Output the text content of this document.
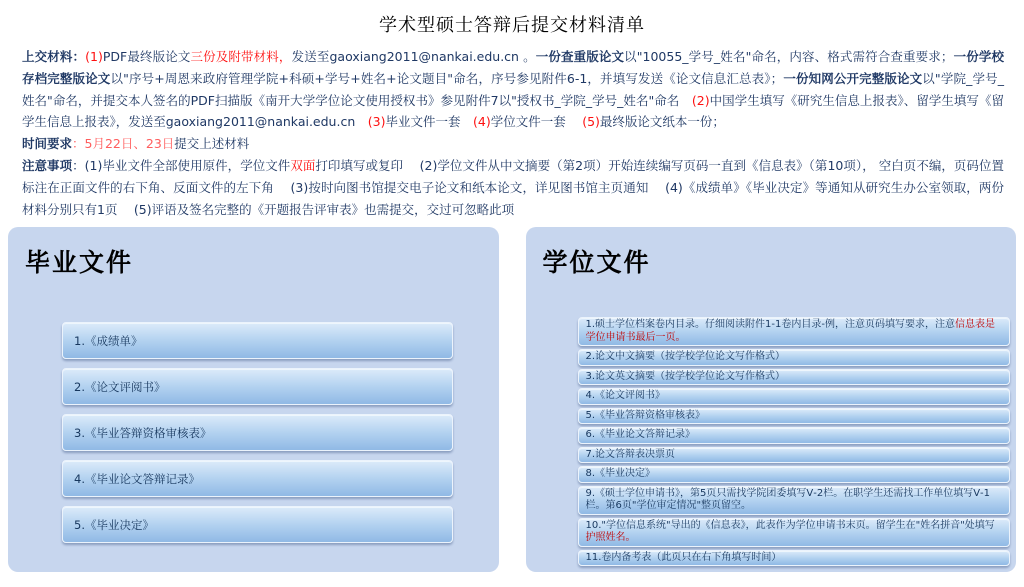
学术型硕士答辩后提交材料清单

上交材料：(1)PDF最终版论文三份及附带材料，发送至gaoxiang2011@nankai.edu.cn 。一份查重版论文以"10055_学号_姓名"命名，内容、格式需符合查重要求；一份学校存档完整版论文以"序号+周恩来政府管理学院+科硕+学号+姓名+论文题目"命名，序号参见附件6-1，并填写发送《论文信息汇总表》；一份知网公开完整版论文以"学院_学号_姓名"命名，并提交本人签名的PDF扫描版《南开大学学位论文使用授权书》参见附件7以"授权书_学院_学号_姓名"命名　(2)中国学生填写《研究生信息上报表》、留学生填写《留学生信息上报表》，发送至gaoxiang2011@nankai.edu.cn　(3)毕业文件一套　(4)学位文件一套　 (5)最终版论文纸本一份；

时间要求：5月22日、23日提交上述材料

注意事项：(1)毕业文件全部使用原件，学位文件双面打印填写或复印　 (2)学位文件从中文摘要（第2项）开始连续编写页码一直到《信息表》（第10项）， 空白页不编，页码位置标注在正面文件的右下角、反面文件的左下角　 (3)按时向图书馆提交电子论文和纸本论文，详见图书馆主页通知　 (4)《成绩单》《毕业决定》等通知从研究生办公室领取，两份材料分别只有1页　 (5)评语及签名完整的《开题报告评审表》也需提交，交过可忽略此项

毕业文件
1.《成绩单》
2.《论文评阅书》
3.《毕业答辩资格审核表》
4.《毕业论文答辩记录》
5.《毕业决定》
学位文件
1.硕士学位档案卷内目录。仔细阅读附件1-1卷内目录-例，注意页码填写要求，注意信息表是学位申请书最后一页。
2.论文中文摘要（按学校学位论文写作格式）
3.论文英文摘要（按学校学位论文写作格式）
4.《论文评阅书》
5.《毕业答辩资格审核表》
6.《毕业论文答辩记录》
7.论文答辩表决票页
8.《毕业决定》
9.《硕士学位申请书》，第5页只需找学院团委填写Ⅴ-2栏。在职学生还需找工作单位填写Ⅴ-1栏。第6页"学位审定情况"整页留空。
10."学位信息系统"导出的《信息表》，此表作为学位申请书末页。留学生在"姓名拼音"处填写护照姓名。
11.卷内备考表（此页只在右下角填写时间）
